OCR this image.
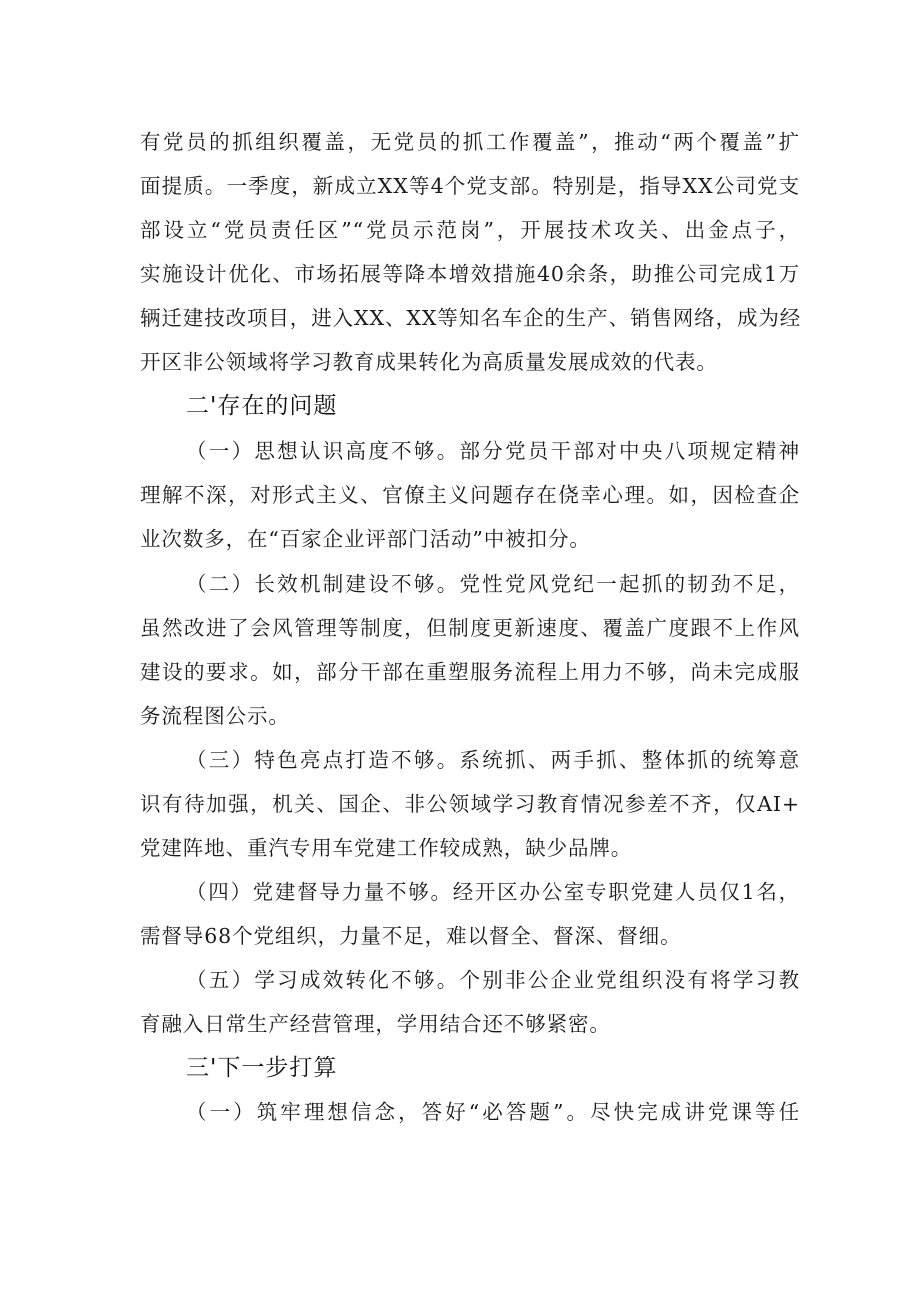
有党员的抓组织覆盖，无党员的抓工作覆盖”，推动“两个覆盖”扩
面提质。一季度，新成立XX等4个党支部。特别是，指导XX公司党支
部设立“党员责任区”“党员示范岗”，开展技术攻关、出金点子，
实施设计优化、市场拓展等降本增效措施40余条，助推公司完成1万
辆迁建技改项目，进入XX、XX等知名车企的生产、销售网络，成为经
开区非公领域将学习教育成果转化为高质量发展成效的代表。
二'存在的问题
（一）思想认识高度不够。部分党员干部对中央八项规定精神
理解不深，对形式主义、官僚主义问题存在侥幸心理。如，因检查企
业次数多，在“百家企业评部门活动”中被扣分。
（二）长效机制建设不够。党性党风党纪一起抓的韧劲不足，
虽然改进了会风管理等制度，但制度更新速度、覆盖广度跟不上作风
建设的要求。如，部分干部在重塑服务流程上用力不够，尚未完成服
务流程图公示。
（三）特色亮点打造不够。系统抓、两手抓、整体抓的统筹意
识有待加强，机关、国企、非公领域学习教育情况参差不齐，仅AI+
党建阵地、重汽专用车党建工作较成熟，缺少品牌。
（四）党建督导力量不够。经开区办公室专职党建人员仅1名，
需督导68个党组织，力量不足，难以督全、督深、督细。
（五）学习成效转化不够。个别非公企业党组织没有将学习教
育融入日常生产经营管理，学用结合还不够紧密。
三'下一步打算
（一）筑牢理想信念，答好“必答题”。尽快完成讲党课等任
